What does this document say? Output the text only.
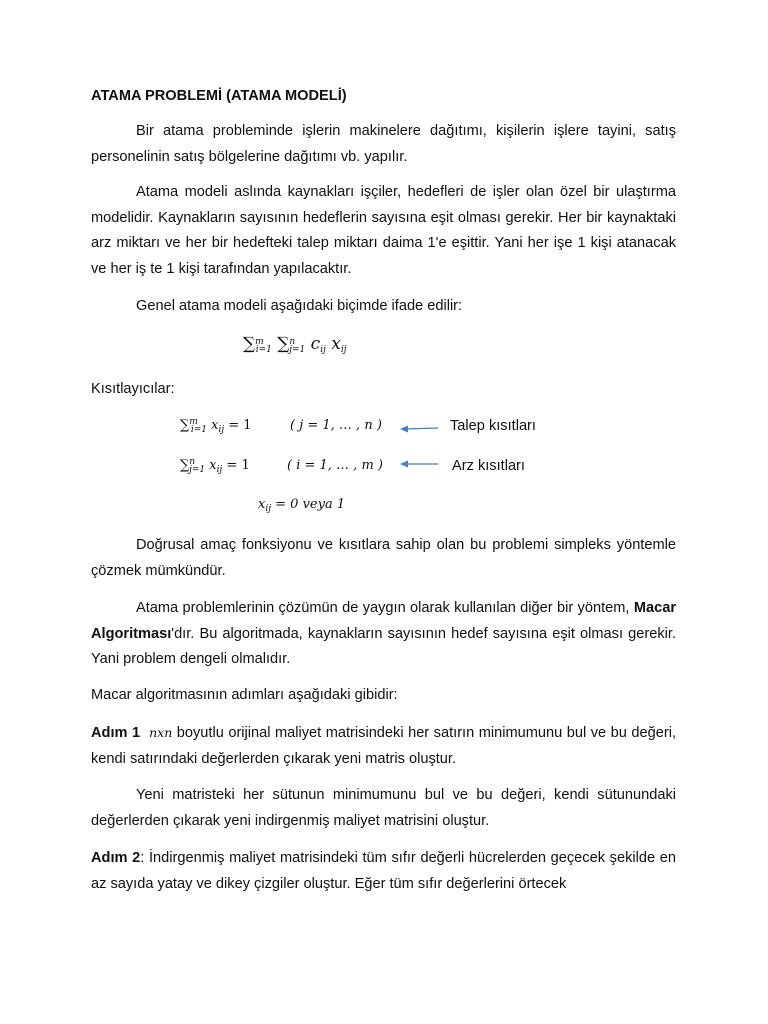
ATAMA PROBLEMİ (ATAMA MODELİ)

Bir atama probleminde işlerin makinelere dağıtımı, kişilerin işlere tayini, satış personelinin satış bölgelerine dağıtımı vb. yapılır.

Atama modeli aslında kaynakları işçiler, hedefleri de işler olan özel bir ulaştırma modelidir. Kaynakların sayısının hedeflerin sayısına eşit olması gerekir. Her bir kaynaktaki arz miktarı ve her bir hedefteki talep miktarı daima 1'e eşittir. Yani her işe 1 kişi atanacak ve her iş te 1 kişi tarafından yapılacaktır.

Genel atama modeli aşağıdaki biçimde ifade edilir:

∑$^m_{i=1}$ ∑$^n_{j=1}$ $c_{ij}$ $x_{ij}$

Kısıtlayıcılar:

∑$^m_{i=1}$ $x_{ij} = 1$	( j = 1, … , n )	Talep kısıtları
∑$^n_{j=1}$ $x_{ij} = 1$	( i = 1, … , m )	Arz kısıtları
$x_{ij} = 0$ veya 1

Doğrusal amaç fonksiyonu ve kısıtlara sahip olan bu problemi simpleks yöntemle çözmek mümkündür.

Atama problemlerinin çözümün de yaygın olarak kullanılan diğer bir yöntem, Macar Algoritması'dır. Bu algoritmada, kaynakların sayısının hedef sayısına eşit olması gerekir. Yani problem dengeli olmalıdır.

Macar algoritmasının adımları aşağıdaki gibidir:

Adım 1 nxn boyutlu orijinal maliyet matrisindeki her satırın minimumunu bul ve bu değeri, kendi satırındaki değerlerden çıkarak yeni matris oluştur.

Yeni matristeki her sütunun minimumunu bul ve bu değeri, kendi sütunundaki değerlerden çıkarak yeni indirgenmiş maliyet matrisini oluştur.

Adım 2: İndirgenmiş maliyet matrisindeki tüm sıfır değerli hücrelerden geçecek şekilde en az sayıda yatay ve dikey çizgiler oluştur. Eğer tüm sıfır değerlerini örtecek
